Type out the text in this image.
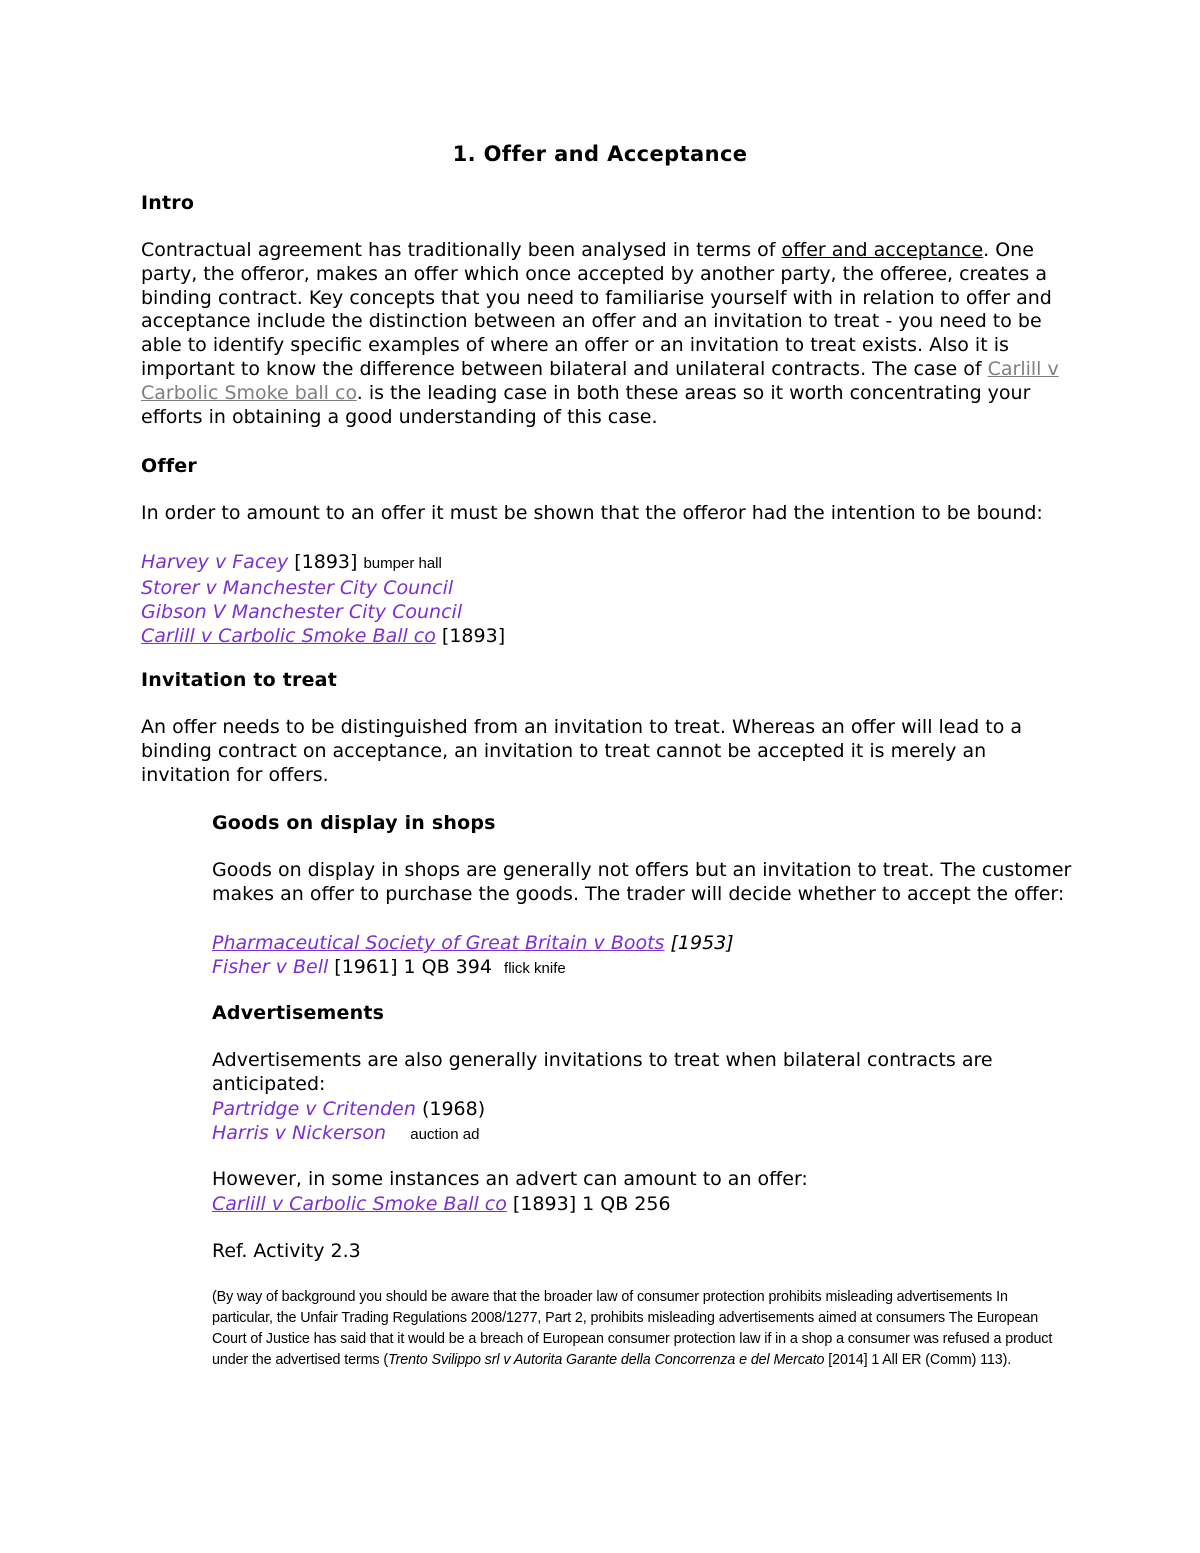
1. Offer and Acceptance
Intro
Contractual agreement has traditionally been analysed in terms of offer and acceptance. One party, the offeror, makes an offer which once accepted by another party, the offeree, creates a binding contract. Key concepts that you need to familiarise yourself with in relation to offer and acceptance include the distinction between an offer and an invitation to treat - you need to be able to identify specific examples of where an offer or an invitation to treat exists. Also it is important to know the difference between bilateral and unilateral contracts. The case of Carlill v Carbolic Smoke ball co. is the leading case in both these areas so it worth concentrating your efforts in obtaining a good understanding of this case.
Offer
In order to amount to an offer it must be shown that the offeror had the intention to be bound:
Harvey v Facey [1893] bumper hall
Storer v Manchester City Council
Gibson V Manchester City Council
Carlill v Carbolic Smoke Ball co [1893]
Invitation to treat
An offer needs to be distinguished from an invitation to treat. Whereas an offer will lead to a binding contract on acceptance, an invitation to treat cannot be accepted it is merely an invitation for offers.
Goods on display in shops
Goods on display in shops are generally not offers but an invitation to treat. The customer makes an offer to purchase the goods. The trader will decide whether to accept the offer:
Pharmaceutical Society of Great Britain v Boots [1953]
Fisher v Bell [1961] 1 QB 394 flick knife
Advertisements
Advertisements are also generally invitations to treat when bilateral contracts are anticipated:
Partridge v Critenden (1968)
Harris v Nickerson auction ad
However, in some instances an advert can amount to an offer:
Carlill v Carbolic Smoke Ball co [1893] 1 QB 256
Ref. Activity 2.3
(By way of background you should be aware that the broader law of consumer protection prohibits misleading advertisements In particular, the Unfair Trading Regulations 2008/1277, Part 2, prohibits misleading advertisements aimed at consumers The European Court of Justice has said that it would be a breach of European consumer protection law if in a shop a consumer was refused a product under the advertised terms (Trento Svilippo srl v Autorita Garante della Concorrenza e del Mercato [2014] 1 All ER (Comm) 113).
